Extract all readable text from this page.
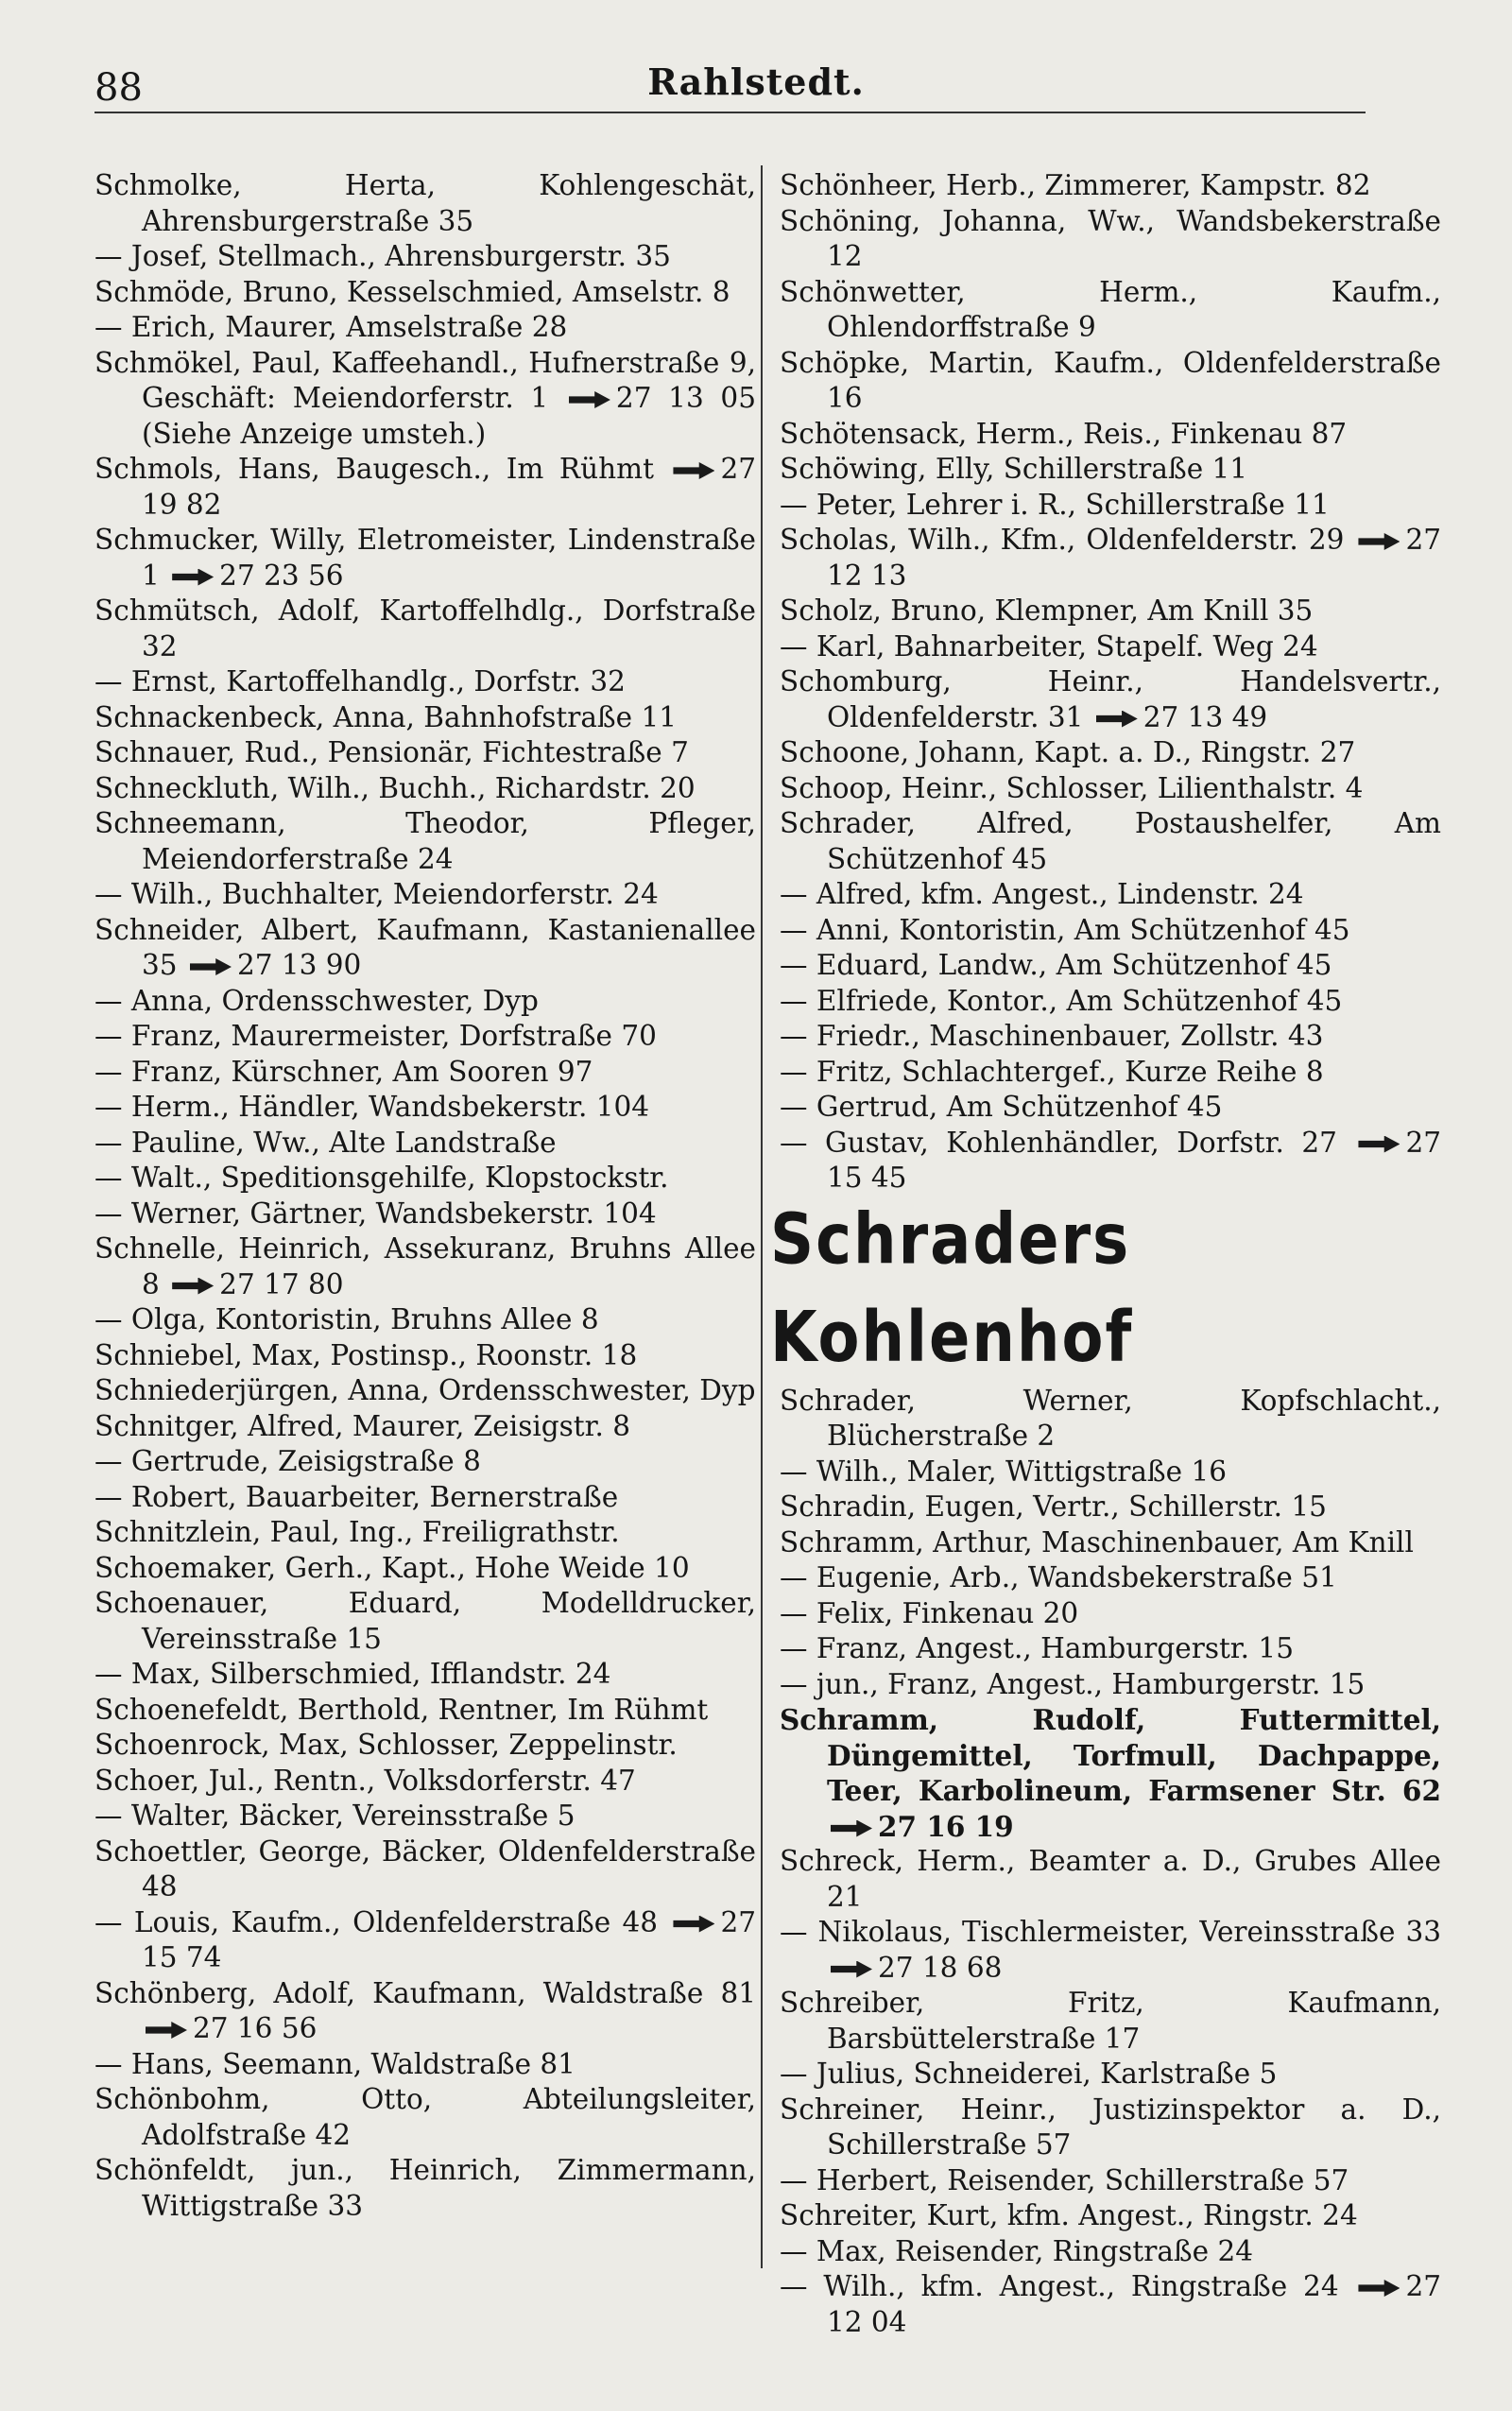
88	Rahlstedt.

Schmolke, Herta, Kohlengeschät, Ahrensburgerstraße 35

— Josef, Stellmach., Ahrensburgerstr. 35

Schmöde, Bruno, Kesselschmied, Amselstr. 8

— Erich, Maurer, Amselstraße 28

Schmökel, Paul, Kaffeehandl., Hufnerstraße 9, Geschäft: Meiendorferstr. 1 27 13 05 (Siehe Anzeige umsteh.)

Schmols, Hans, Baugesch., Im Rühmt 27 19 82

Schmucker, Willy, Eletromeister, Lindenstraße 1 27 23 56

Schmütsch, Adolf, Kartoffelhdlg., Dorfstraße 32

— Ernst, Kartoffelhandlg., Dorfstr. 32

Schnackenbeck, Anna, Bahnhofstraße 11

Schnauer, Rud., Pensionär, Fichtestraße 7

Schneckluth, Wilh., Buchh., Richardstr. 20

Schneemann, Theodor, Pfleger, Meiendorferstraße 24

— Wilh., Buchhalter, Meiendorferstr. 24

Schneider, Albert, Kaufmann, Kastanienallee 35 27 13 90

— Anna, Ordensschwester, Dyp

— Franz, Maurermeister, Dorfstraße 70

— Franz, Kürschner, Am Sooren 97

— Herm., Händler, Wandsbekerstr. 104

— Pauline, Ww., Alte Landstraße

— Walt., Speditionsgehilfe, Klopstockstr.

— Werner, Gärtner, Wandsbekerstr. 104

Schnelle, Heinrich, Assekuranz, Bruhns Allee 8 27 17 80

— Olga, Kontoristin, Bruhns Allee 8

Schniebel, Max, Postinsp., Roonstr. 18

Schniederjürgen, Anna, Ordensschwester, Dyp

Schnitger, Alfred, Maurer, Zeisigstr. 8

— Gertrude, Zeisigstraße 8

— Robert, Bauarbeiter, Bernerstraße

Schnitzlein, Paul, Ing., Freiligrathstr.

Schoemaker, Gerh., Kapt., Hohe Weide 10

Schoenauer, Eduard, Modelldrucker, Vereinsstraße 15

— Max, Silberschmied, Ifflandstr. 24

Schoenefeldt, Berthold, Rentner, Im Rühmt

Schoenrock, Max, Schlosser, Zeppelinstr.

Schoer, Jul., Rentn., Volksdorferstr. 47

— Walter, Bäcker, Vereinsstraße 5

Schoettler, George, Bäcker, Oldenfelderstraße 48

— Louis, Kaufm., Oldenfelderstraße 48 27 15 74

Schönberg, Adolf, Kaufmann, Waldstraße 81 27 16 56

— Hans, Seemann, Waldstraße 81

Schönbohm, Otto, Abteilungsleiter, Adolfstraße 42

Schönfeldt, jun., Heinrich, Zimmermann, Wittigstraße 33

Schönheer, Herb., Zimmerer, Kampstr. 82

Schöning, Johanna, Ww., Wandsbekerstraße 12

Schönwetter, Herm., Kaufm., Ohlendorffstraße 9

Schöpke, Martin, Kaufm., Oldenfelderstraße 16

Schötensack, Herm., Reis., Finkenau 87

Schöwing, Elly, Schillerstraße 11

— Peter, Lehrer i. R., Schillerstraße 11

Scholas, Wilh., Kfm., Oldenfelderstr. 29 27 12 13

Scholz, Bruno, Klempner, Am Knill 35

— Karl, Bahnarbeiter, Stapelf. Weg 24

Schomburg, Heinr., Handelsvertr., Oldenfelderstr. 31 27 13 49

Schoone, Johann, Kapt. a. D., Ringstr. 27

Schoop, Heinr., Schlosser, Lilienthalstr. 4

Schrader, Alfred, Postaushelfer, Am Schützenhof 45

— Alfred, kfm. Angest., Lindenstr. 24

— Anni, Kontoristin, Am Schützenhof 45

— Eduard, Landw., Am Schützenhof 45

— Elfriede, Kontor., Am Schützenhof 45

— Friedr., Maschinenbauer, Zollstr. 43

— Fritz, Schlachtergef., Kurze Reihe 8

— Gertrud, Am Schützenhof 45

— Gustav, Kohlenhändler, Dorfstr. 27 27 15 45

Schraders Kohlenhof

Schrader, Werner, Kopfschlacht., Blücherstraße 2

— Wilh., Maler, Wittigstraße 16

Schradin, Eugen, Vertr., Schillerstr. 15

Schramm, Arthur, Maschinenbauer, Am Knill

— Eugenie, Arb., Wandsbekerstraße 51

— Felix, Finkenau 20

— Franz, Angest., Hamburgerstr. 15

— jun., Franz, Angest., Hamburgerstr. 15

Schramm, Rudolf, Futtermittel, Düngemittel, Torfmull, Dachpappe, Teer, Karbolineum, Farmsener Str. 62 27 16 19

Schreck, Herm., Beamter a. D., Grubes Allee 21

— Nikolaus, Tischlermeister, Vereinsstraße 33 27 18 68

Schreiber, Fritz, Kaufmann, Barsbüttelerstraße 17

— Julius, Schneiderei, Karlstraße 5

Schreiner, Heinr., Justizinspektor a. D., Schillerstraße 57

— Herbert, Reisender, Schillerstraße 57

Schreiter, Kurt, kfm. Angest., Ringstr. 24

— Max, Reisender, Ringstraße 24

— Wilh., kfm. Angest., Ringstraße 24 27 12 04
